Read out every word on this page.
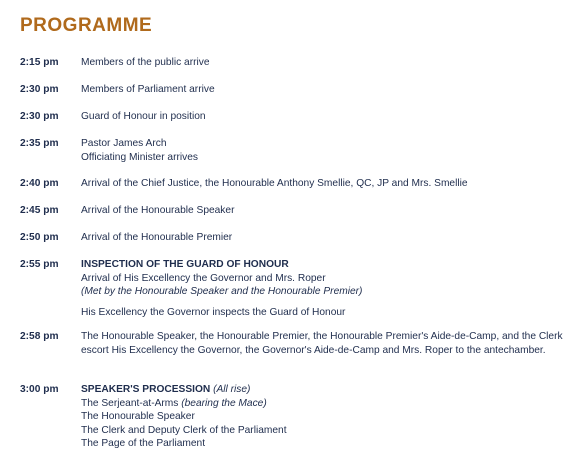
PROGRAMME
2:15 pm	Members of the public arrive
2:30 pm	Members of Parliament arrive
2:30 pm	Guard of Honour in position
2:35 pm	Pastor James Arch
Officiating Minister arrives
2:40 pm	Arrival of the Chief Justice, the Honourable Anthony Smellie, QC, JP and Mrs. Smellie
2:45 pm	Arrival of the Honourable Speaker
2:50 pm	Arrival of the Honourable Premier
2:55 pm	INSPECTION OF THE GUARD OF HONOUR
Arrival of His Excellency the Governor and Mrs. Roper
(Met by the Honourable Speaker and the Honourable Premier)
His Excellency the Governor inspects the Guard of Honour
2:58 pm	The Honourable Speaker, the Honourable Premier, the Honourable Premier's Aide-de-Camp, and the Clerk escort His Excellency the Governor, the Governor's Aide-de-Camp and Mrs. Roper to the antechamber.
3:00 pm	SPEAKER'S PROCESSION (All rise)
The Serjeant-at-Arms (bearing the Mace)
The Honourable Speaker
The Clerk and Deputy Clerk of the Parliament
The Page of the Parliament
